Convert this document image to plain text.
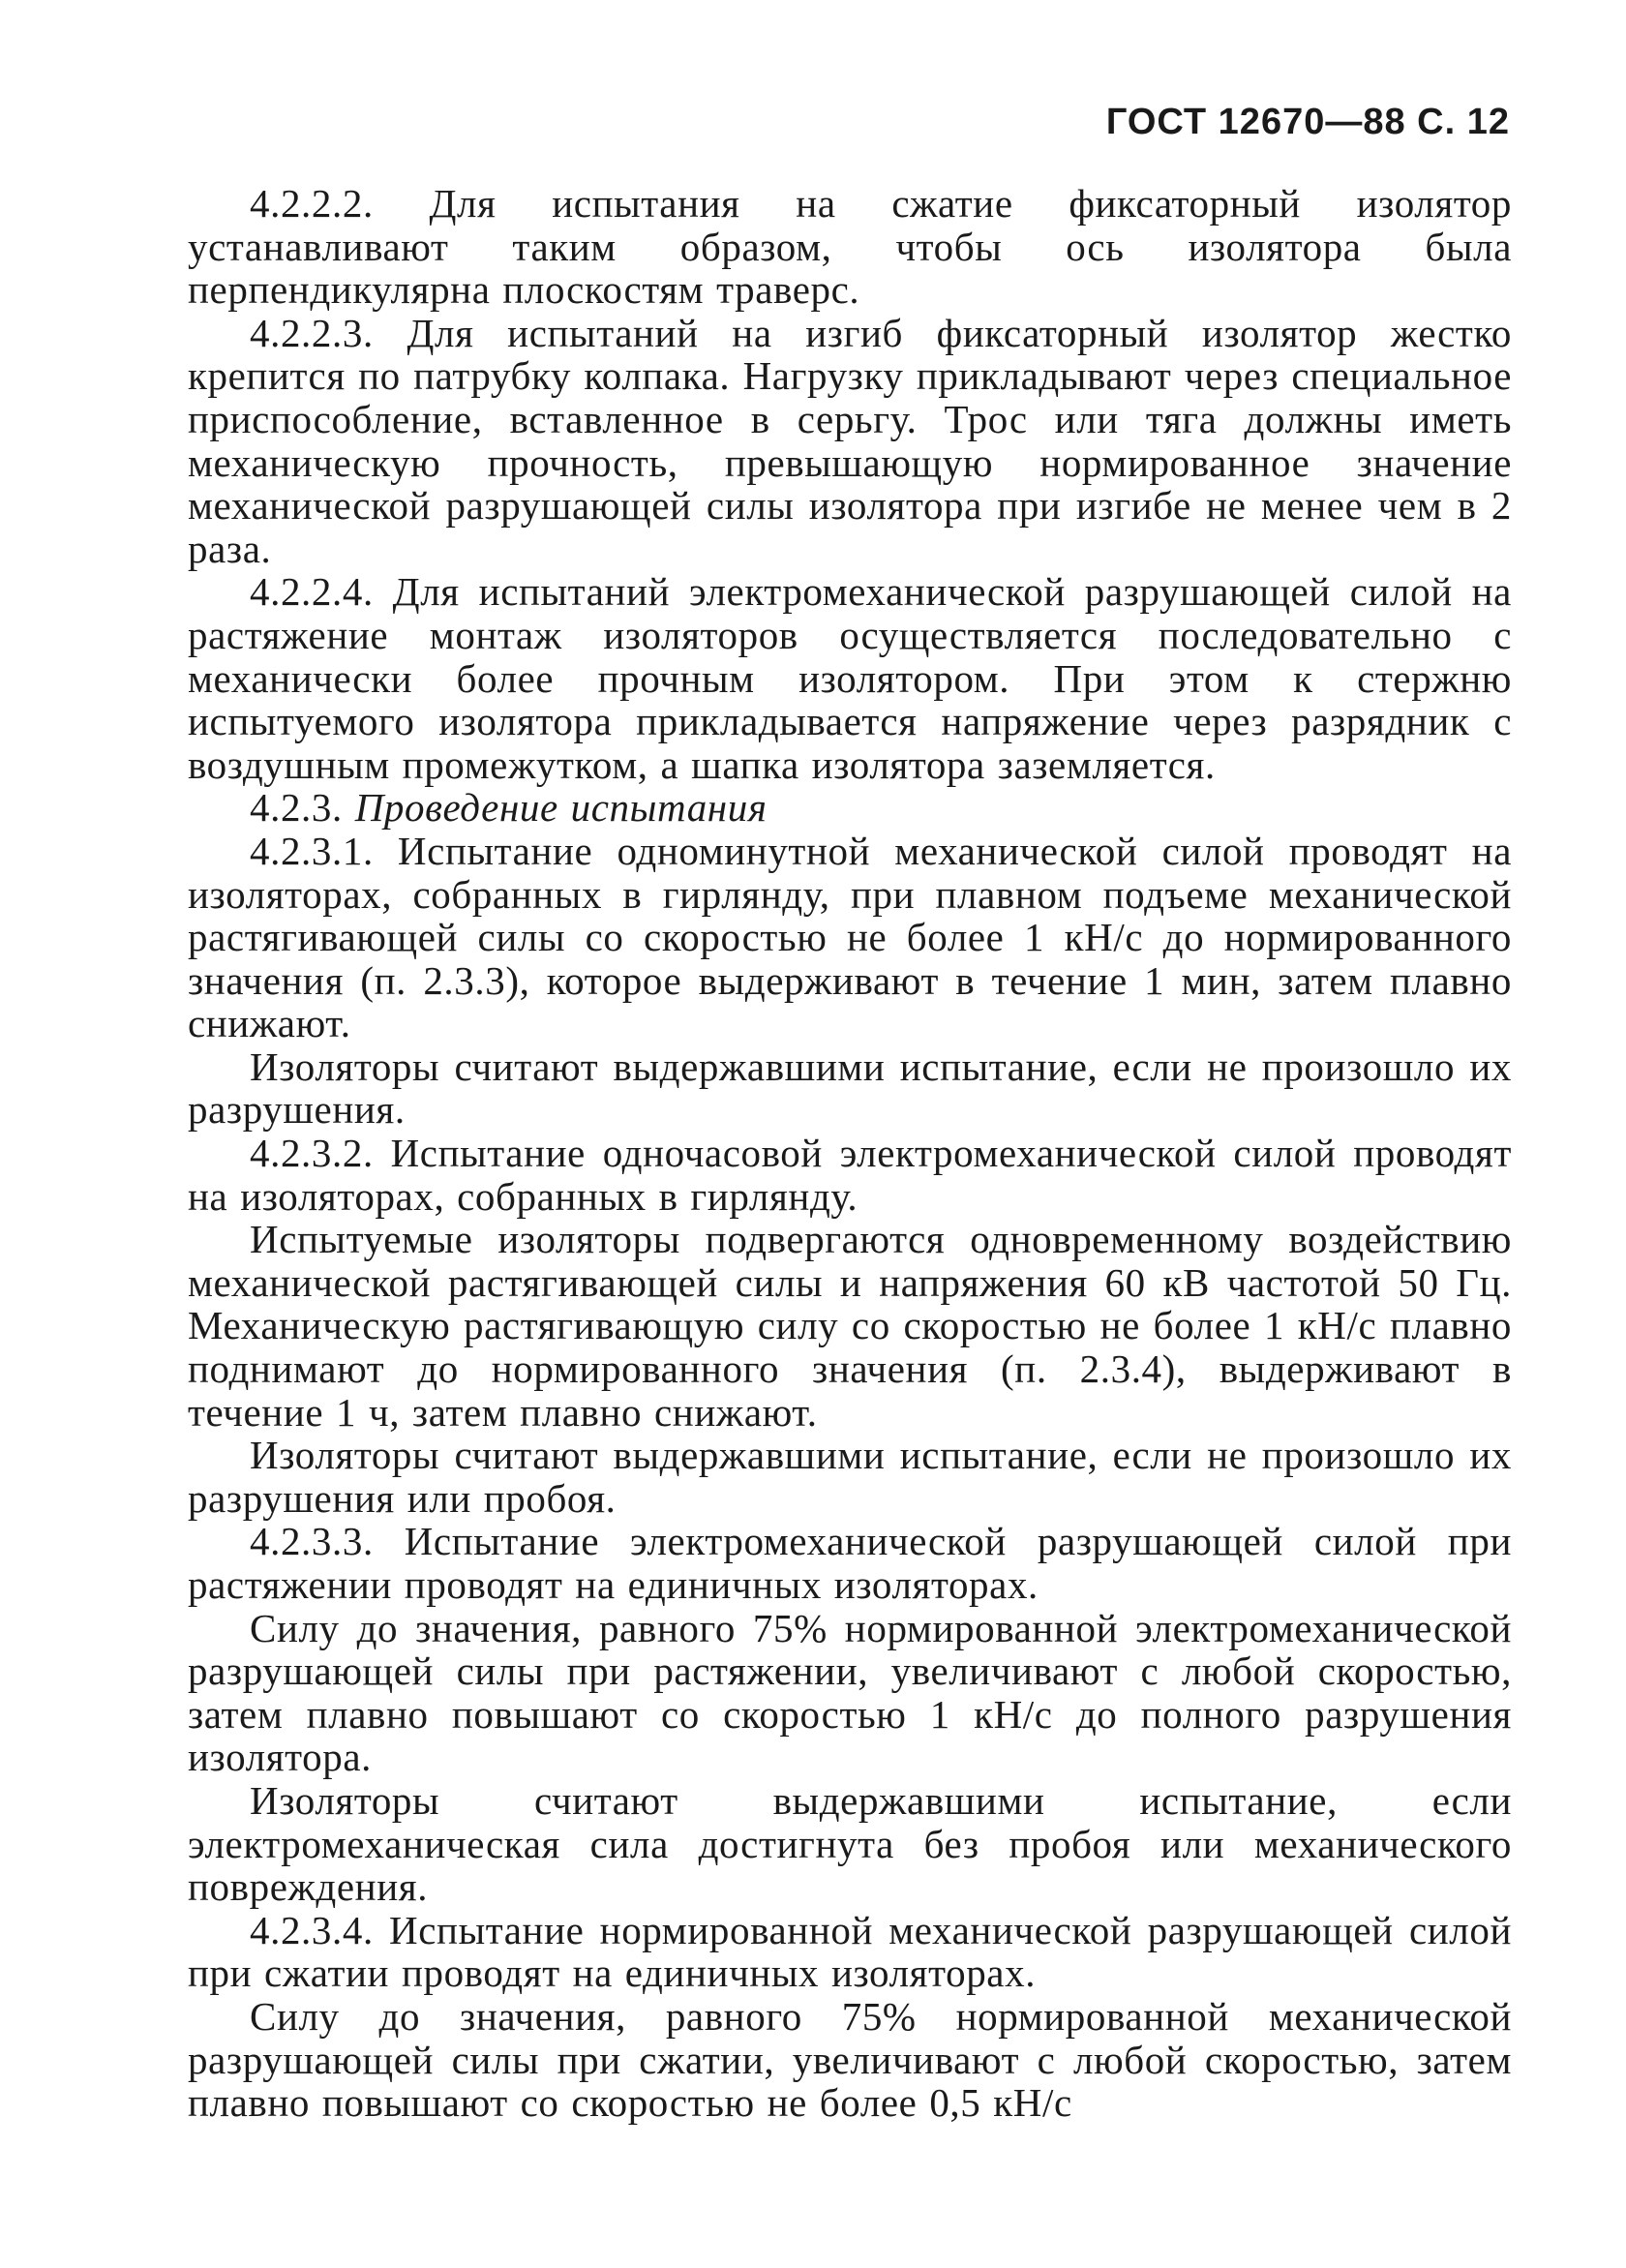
ГОСТ 12670—88 С. 12

4.2.2.2. Для испытания на сжатие фиксаторный изолятор устанавливают таким образом, чтобы ось изолятора была перпендикулярна плоскостям траверс.

4.2.2.3. Для испытаний на изгиб фиксаторный изолятор жестко крепится по патрубку колпака. Нагрузку прикладывают через специальное приспособление, вставленное в серьгу. Трос или тяга должны иметь механическую прочность, превышающую нормированное значение механической разрушающей силы изолятора при изгибе не менее чем в 2 раза.

4.2.2.4. Для испытаний электромеханической разрушающей силой на растяжение монтаж изоляторов осуществляется последовательно с механически более прочным изолятором. При этом к стержню испытуемого изолятора прикладывается напряжение через разрядник с воздушным промежутком, а шапка изолятора заземляется.

4.2.3. Проведение испытания

4.2.3.1. Испытание одноминутной механической силой проводят на изоляторах, собранных в гирлянду, при плавном подъеме механической растягивающей силы со скоростью не более 1 кН/с до нормированного значения (п. 2.3.3), которое выдерживают в течение 1 мин, затем плавно снижают.

Изоляторы считают выдержавшими испытание, если не произошло их разрушения.

4.2.3.2. Испытание одночасовой электромеханической силой проводят на изоляторах, собранных в гирлянду.

Испытуемые изоляторы подвергаются одновременному воздействию механической растягивающей силы и напряжения 60 кВ частотой 50 Гц. Механическую растягивающую силу со скоростью не более 1 кН/с плавно поднимают до нормированного значения (п. 2.3.4), выдерживают в течение 1 ч, затем плавно снижают.

Изоляторы считают выдержавшими испытание, если не произошло их разрушения или пробоя.

4.2.3.3. Испытание электромеханической разрушающей силой при растяжении проводят на единичных изоляторах.

Силу до значения, равного 75% нормированной электромеханической разрушающей силы при растяжении, увеличивают с любой скоростью, затем плавно повышают со скоростью 1 кН/с до полного разрушения изолятора.

Изоляторы считают выдержавшими испытание, если электромеханическая сила достигнута без пробоя или механического повреждения.

4.2.3.4. Испытание нормированной механической разрушающей силой при сжатии проводят на единичных изоляторах.

Силу до значения, равного 75% нормированной механической разрушающей силы при сжатии, увеличивают с любой скоростью, затем плавно повышают со скоростью не более 0,5 кН/с
